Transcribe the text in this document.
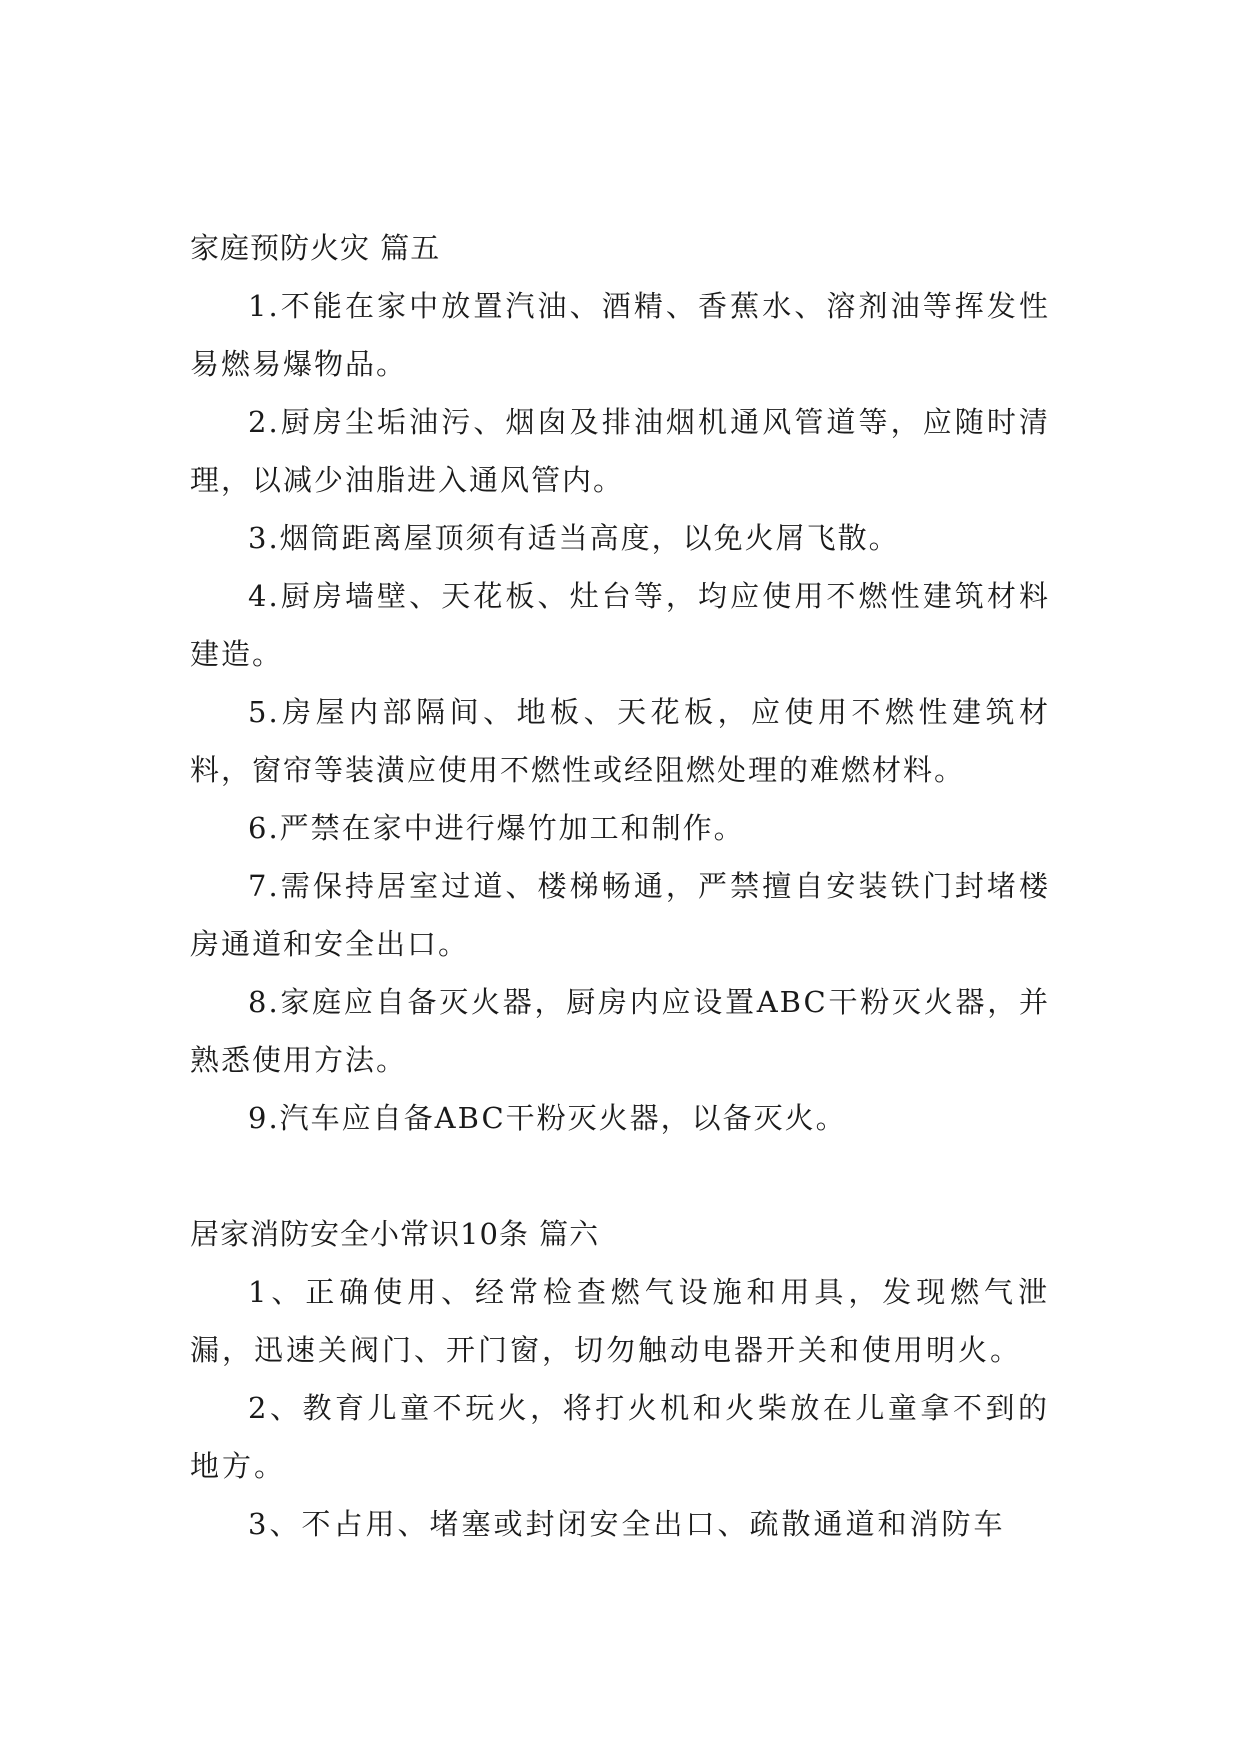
家庭预防火灾 篇五

1.不能在家中放置汽油、酒精、香蕉水、溶剂油等挥发性易燃易爆物品。

2.厨房尘垢油污、烟囱及排油烟机通风管道等，应随时清理，以减少油脂进入通风管内。

3.烟筒距离屋顶须有适当高度，以免火屑飞散。

4.厨房墙壁、天花板、灶台等，均应使用不燃性建筑材料建造。

5.房屋内部隔间、地板、天花板，应使用不燃性建筑材料，窗帘等装潢应使用不燃性或经阻燃处理的难燃材料。

6.严禁在家中进行爆竹加工和制作。

7.需保持居室过道、楼梯畅通，严禁擅自安装铁门封堵楼房通道和安全出口。

8.家庭应自备灭火器，厨房内应设置ABC干粉灭火器，并熟悉使用方法。

9.汽车应自备ABC干粉灭火器，以备灭火。

居家消防安全小常识10条 篇六

1、正确使用、经常检查燃气设施和用具，发现燃气泄漏，迅速关阀门、开门窗，切勿触动电器开关和使用明火。

2、教育儿童不玩火，将打火机和火柴放在儿童拿不到的地方。

3、不占用、堵塞或封闭安全出口、疏散通道和消防车
